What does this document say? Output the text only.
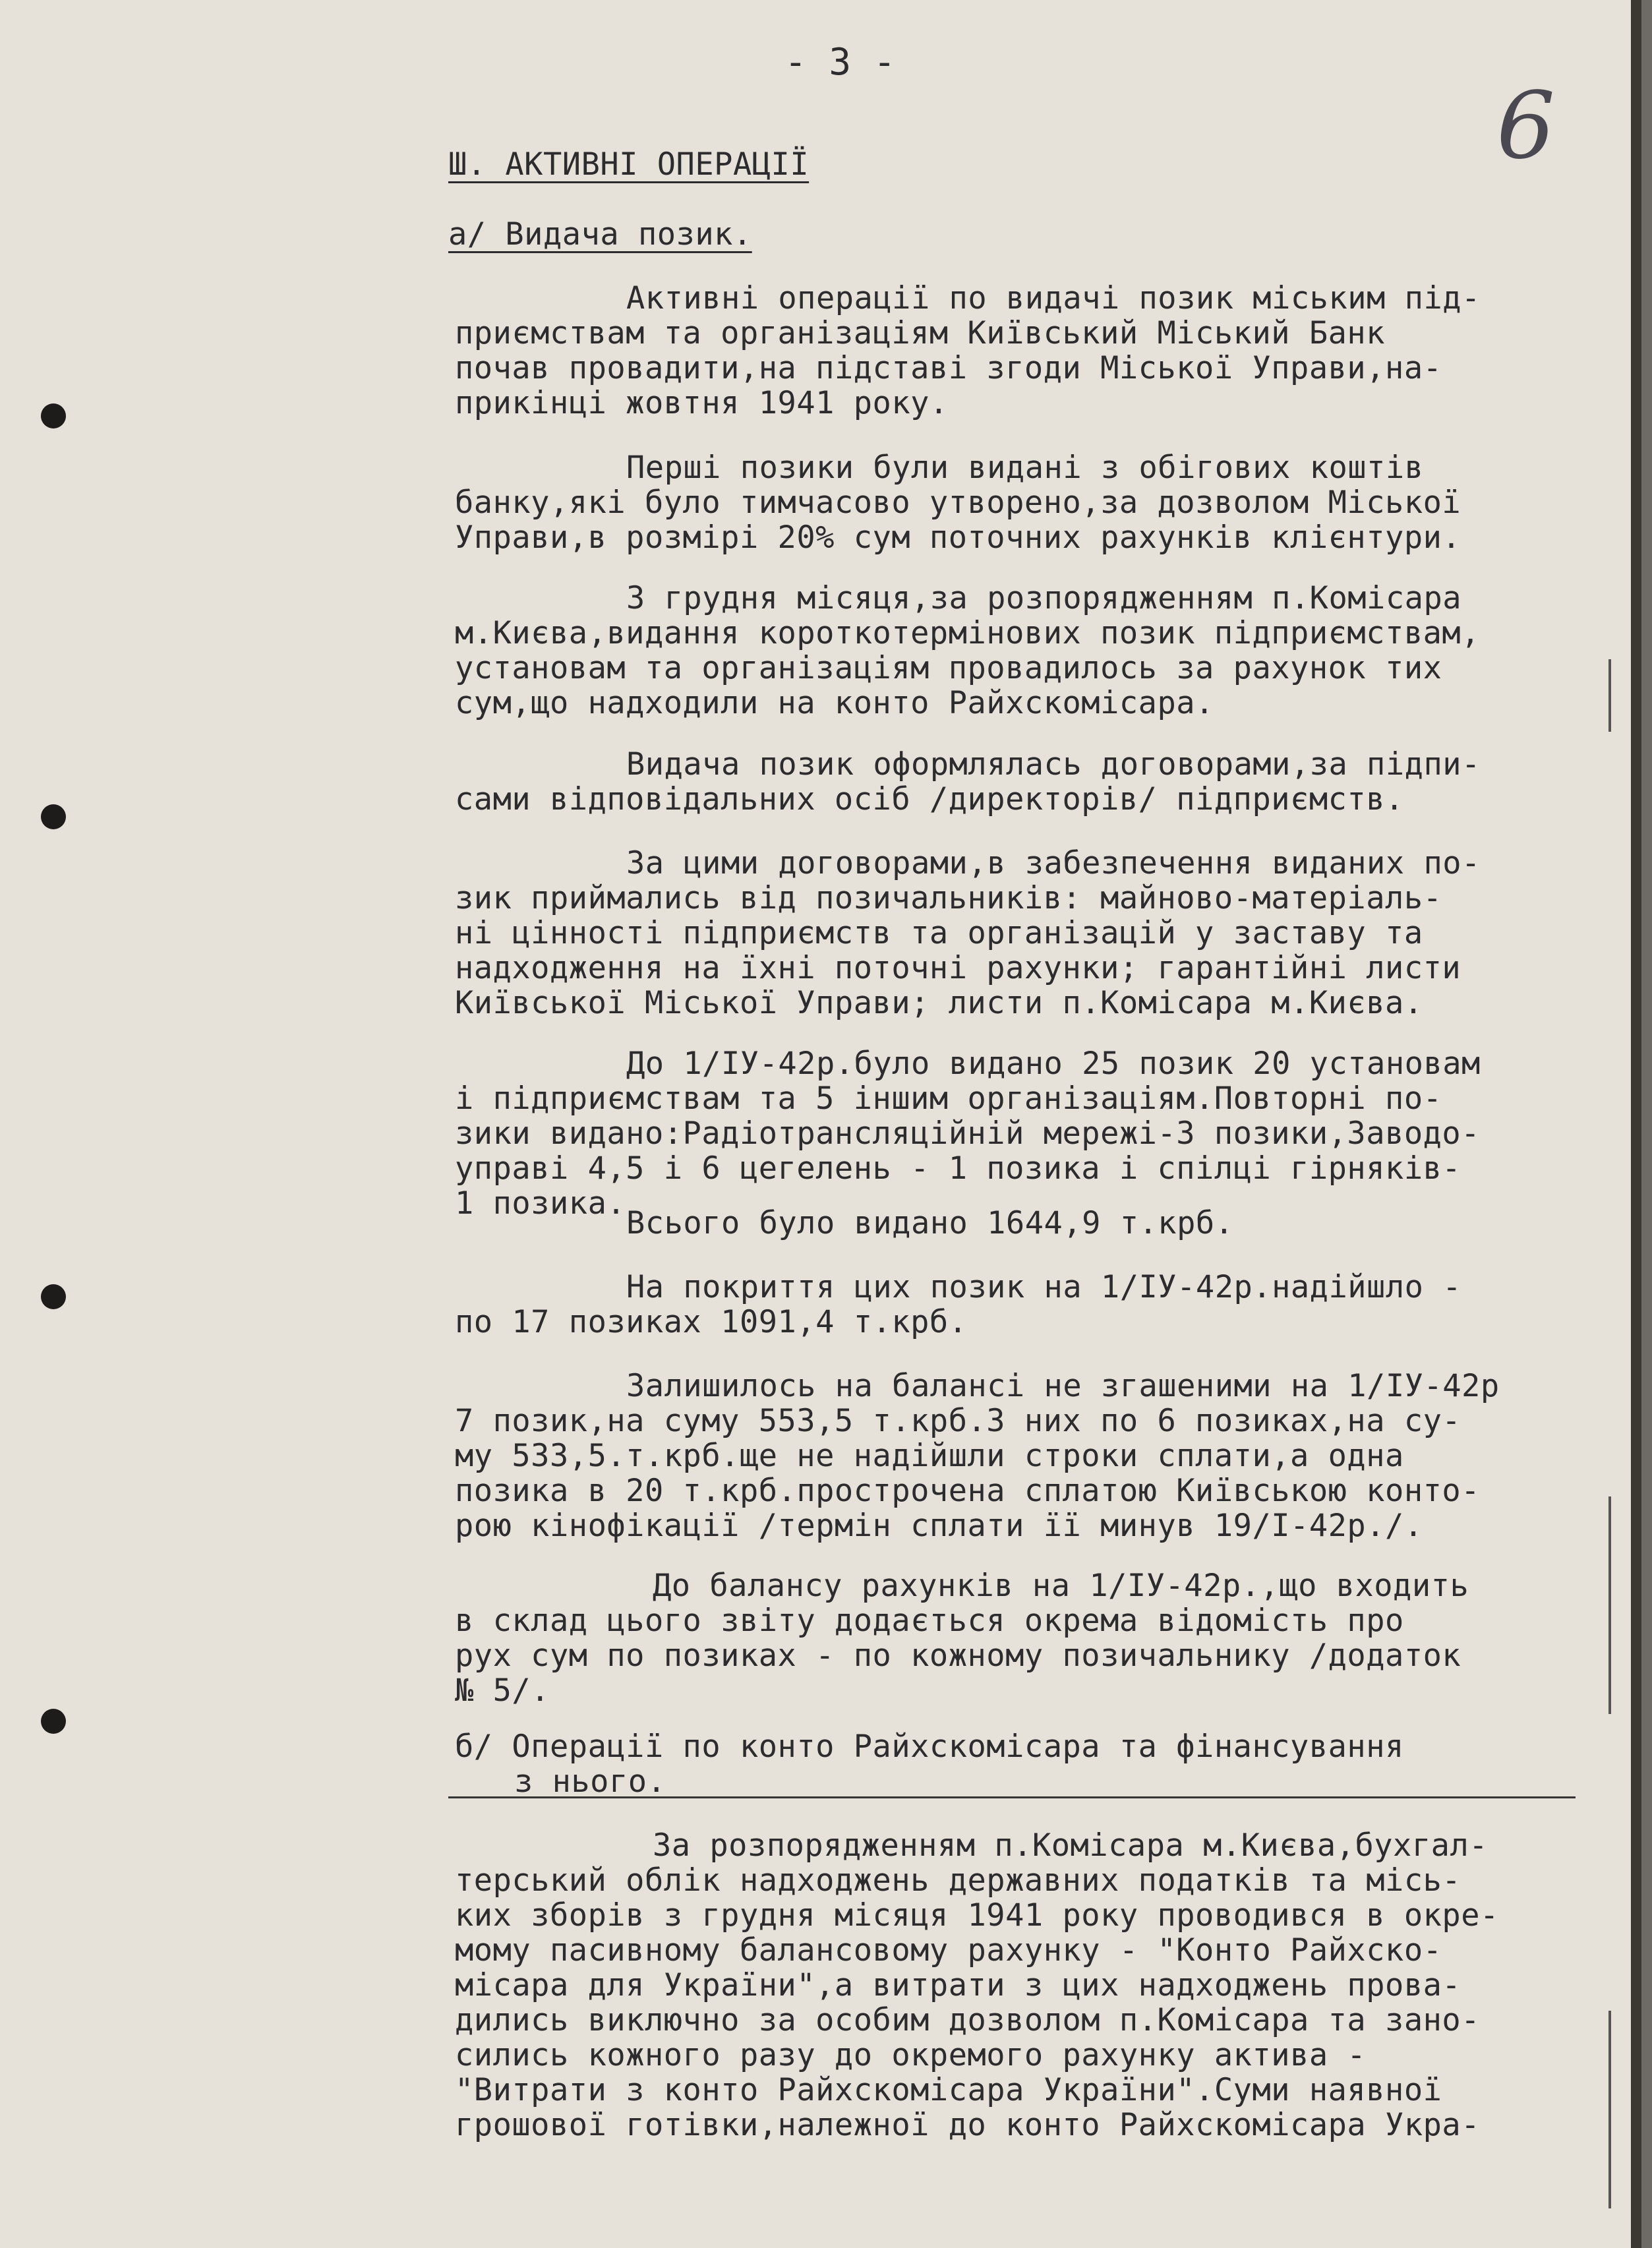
- 3 -
6
Ш. АКТИВНІ ОПЕРАЦІЇ
а/ Видача позик.
Активні операції по видачі позик міським під-
приємствам та організаціям Київський Міський Банк
почав провадити,на підставі згоди Міської Управи,на-
прикінці жовтня 1941 року.
Перші позики були видані з обігових коштів
банку,які було тимчасово утворено,за дозволом Міської
Управи,в розмірі 20% сум поточних рахунків клієнтури.
З грудня місяця,за розпорядженням п.Комісара
м.Києва,видання короткотермінових позик підприємствам,
установам та організаціям провадилось за рахунок тих
сум,що надходили на конто Райхскомісара.
Видача позик оформлялась договорами,за підпи-
сами відповідальних осіб /директорів/ підприємств.
За цими договорами,в забезпечення виданих по-
зик приймались від позичальників: майново-матеріаль-
ні цінності підприємств та організацій у заставу та
надходження на їхні поточні рахунки; гарантійні листи
Київської Міської Управи; листи п.Комісара м.Києва.
До 1/ІУ-42р.було видано 25 позик 20 установам
і підприємствам та 5 іншим організаціям.Повторні по-
зики видано:Радіотрансляційній мережі-3 позики,Заводо-
управі 4,5 і 6 цегелень - 1 позика і спілці гірняків-
1 позика.
Всього було видано 1644,9 т.крб.
На покриття цих позик на 1/ІУ-42р.надійшло -
по 17 позиках 1091,4 т.крб.
Залишилось на балансі не згашеними на 1/ІУ-42р
7 позик,на суму 553,5 т.крб.З них по 6 позиках,на су-
му 533,5.т.крб.ще не надійшли строки сплати,а одна
позика в 20 т.крб.прострочена сплатою Київською конто-
рою кінофікації /термін сплати її минув 19/І-42р./.
До балансу рахунків на 1/ІУ-42р.,що входить
в склад цього звіту додається окрема відомість про
рух сум по позиках - по кожному позичальнику /додаток
№ 5/.
б/ Операції по конто Райхскомісара та фінансування
з нього.
За розпорядженням п.Комісара м.Києва,бухгал-
терський облік надходжень державних податків та місь-
ких зборів з грудня місяця 1941 року проводився в окре-
мому пасивному балансовому рахунку - "Конто Райхско-
місара для України",а витрати з цих надходжень прова-
дились виключно за особим дозволом п.Комісара та зано-
сились кожного разу до окремого рахунку актива -
"Витрати з конто Райхскомісара України".Суми наявної
грошової готівки,належної до конто Райхскомісара Укра-
